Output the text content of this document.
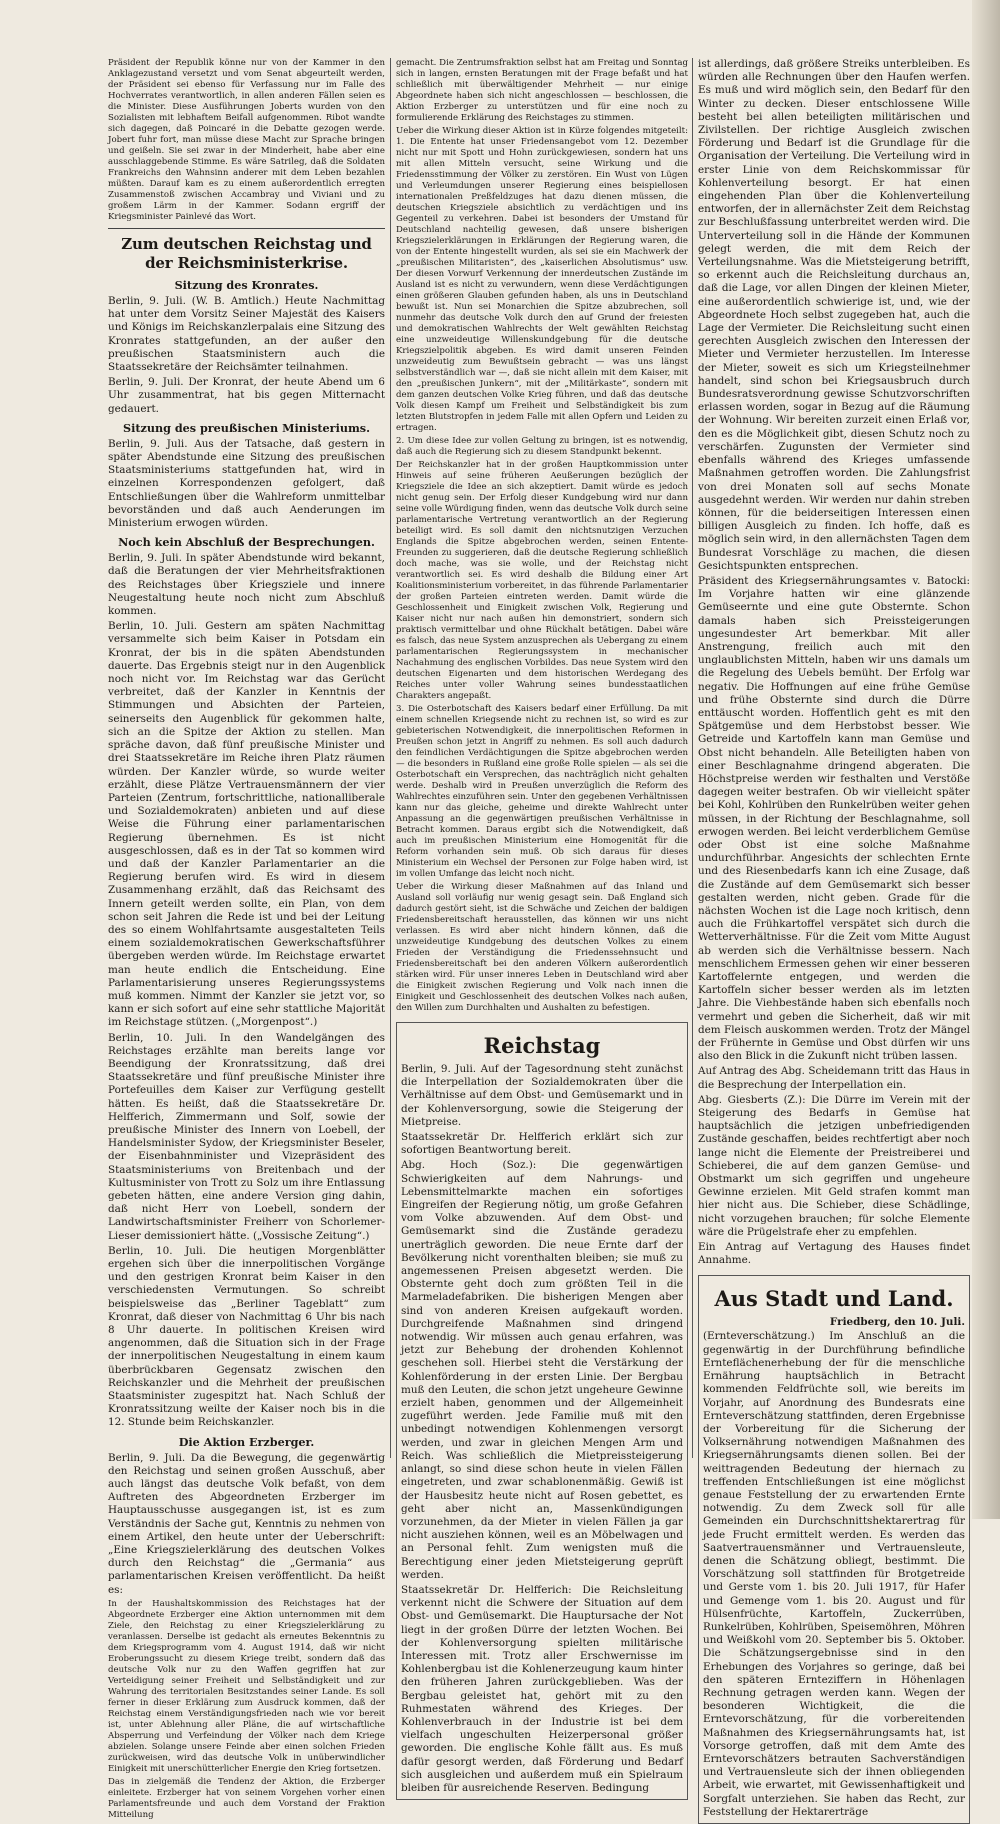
Präsident der Republik könne nur von der Kammer in den Anklagezustand versetzt und vom Senat abgeurteilt werden, der Präsident sei ebenso für Verfassung nur im Falle des Hochverrates verantwortlich, in allen anderen Fällen seien es die Minister. Diese Ausführungen Joberts wurden von den Sozialisten mit lebhaftem Beifall aufgenommen. Ribot wandte sich dagegen, daß Poincaré in die Debatte gezogen werde. Jobert fuhr fort, man müsse diese Macht zur Sprache bringen und geißeln. Sie sei zwar in der Minderheit, habe aber eine ausschlaggebende Stimme. Es wäre Satrileg, daß die Soldaten Frankreichs den Wahnsinn anderer mit dem Leben bezahlen müßten. Darauf kam es zu einem außerordentlich erregten Zusammenstoß zwischen Accambray und Viviani und zu großem Lärm in der Kammer. Sodann ergriff der Kriegsminister Painlevé das Wort.

Zum deutschen Reichstag und der Reichsministerkrise.
Sitzung des Kronrates.

Berlin, 9. Juli. (W. B. Amtlich.) Heute Nachmittag hat unter dem Vorsitz Seiner Majestät des Kaisers und Königs im Reichskanzlerpalais eine Sitzung des Kronrates stattgefunden, an der außer den preußischen Staatsministern auch die Staatssekretäre der Reichsämter teilnahmen.

Berlin, 9. Juli. Der Kronrat, der heute Abend um 6 Uhr zusammentrat, hat bis gegen Mitternacht gedauert.

Sitzung des preußischen Ministeriums.

Berlin, 9. Juli. Aus der Tatsache, daß gestern in später Abendstunde eine Sitzung des preußischen Staatsministeriums stattgefunden hat, wird in einzelnen Korrespondenzen gefolgert, daß Entschließungen über die Wahlreform unmittelbar bevorständen und daß auch Aenderungen im Ministerium erwogen würden.

Noch kein Abschluß der Besprechungen.

Berlin, 9. Juli. In später Abendstunde wird bekannt, daß die Beratungen der vier Mehrheitsfraktionen des Reichstages über Kriegsziele und innere Neugestaltung heute noch nicht zum Abschluß kommen.

Berlin, 10. Juli. Gestern am späten Nachmittag versammelte sich beim Kaiser in Potsdam ein Kronrat, der bis in die späten Abendstunden dauerte. Das Ergebnis steigt nur in den Augenblick noch nicht vor. Im Reichstag war das Gerücht verbreitet, daß der Kanzler in Kenntnis der Stimmungen und Absichten der Parteien, seinerseits den Augenblick für gekommen halte, sich an die Spitze der Aktion zu stellen. Man spräche davon, daß fünf preußische Minister und drei Staatssekretäre im Reiche ihren Platz räumen würden. Der Kanzler würde, so wurde weiter erzählt, diese Plätze Vertrauensmännern der vier Parteien (Zentrum, fortschrittliche, nationalliberale und Sozialdemokraten) anbieten und auf diese Weise die Führung einer parlamentarischen Regierung übernehmen. Es ist nicht ausgeschlossen, daß es in der Tat so kommen wird und daß der Kanzler Parlamentarier an die Regierung berufen wird. Es wird in diesem Zusammenhang erzählt, daß das Reichsamt des Innern geteilt werden sollte, ein Plan, von dem schon seit Jahren die Rede ist und bei der Leitung des so einem Wohlfahrtsamte ausgestalteten Teils einem sozialdemokratischen Gewerkschaftsführer übergeben werden würde. Im Reichstage erwartet man heute endlich die Entscheidung. Eine Parlamentarisierung unseres Regierungssystems muß kommen. Nimmt der Kanzler sie jetzt vor, so kann er sich sofort auf eine sehr stattliche Majorität im Reichstage stützen. („Morgenpost“.)

Berlin, 10. Juli. In den Wandelgängen des Reichstages erzählte man bereits lange vor Beendigung der Kronratssitzung, daß drei Staatssekretäre und fünf preußische Minister ihre Portefeuilles dem Kaiser zur Verfügung gestellt hätten. Es heißt, daß die Staatssekretäre Dr. Helfferich, Zimmermann und Solf, sowie der preußische Minister des Innern von Loebell, der Handelsminister Sydow, der Kriegsminister Beseler, der Eisenbahnminister und Vizepräsident des Staatsministeriums von Breitenbach und der Kultusminister von Trott zu Solz um ihre Entlassung gebeten hätten, eine andere Version ging dahin, daß nicht Herr von Loebell, sondern der Landwirtschaftsminister Freiherr von Schorlemer-Lieser demissioniert hätte. („Vossische Zeitung“.)

Berlin, 10. Juli. Die heutigen Morgenblätter ergehen sich über die innerpolitischen Vorgänge und den gestrigen Kronrat beim Kaiser in den verschiedensten Vermutungen. So schreibt beispielsweise das „Berliner Tageblatt“ zum Kronrat, daß dieser von Nachmittag 6 Uhr bis nach 8 Uhr dauerte. In politischen Kreisen wird angenommen, daß die Situation sich in der Frage der innerpolitischen Neugestaltung in einem kaum überbrückbaren Gegensatz zwischen den Reichskanzler und die Mehrheit der preußischen Staatsminister zugespitzt hat. Nach Schluß der Kronratssitzung weilte der Kaiser noch bis in die 12. Stunde beim Reichskanzler.

Die Aktion Erzberger.

Berlin, 9. Juli. Da die Bewegung, die gegenwärtig den Reichstag und seinen großen Ausschuß, aber auch längst das deutsche Volk befaßt, von dem Auftreten des Abgeordneten Erzberger im Hauptausschusse ausgegangen ist, ist es zum Verständnis der Sache gut, Kenntnis zu nehmen von einem Artikel, den heute unter der Ueberschrift: „Eine Kriegszielerklärung des deutschen Volkes durch den Reichstag“ die „Germania“ aus parlamentarischen Kreisen veröffentlicht. Da heißt es:

In der Haushaltskommission des Reichstages hat der Abgeordnete Erzberger eine Aktion unternommen mit dem Ziele, den Reichstag zu einer Kriegszielerklärung zu veranlassen. Derselbe ist gedacht als erneutes Bekenntnis zu dem Kriegsprogramm vom 4. August 1914, daß wir nicht Eroberungssucht zu diesem Kriege treibt, sondern daß das deutsche Volk nur zu den Waffen gegriffen hat zur Verteidigung seiner Freiheit und Selbständigkeit und zur Wahrung des territorialen Besitzstandes seiner Lande. Es soll ferner in dieser Erklärung zum Ausdruck kommen, daß der Reichstag einem Verständigungsfrieden nach wie vor bereit ist, unter Ablehnung aller Pläne, die auf wirtschaftliche Absperrung und Verfeindung der Völker nach dem Kriege abzielen. Solange unsere Feinde aber einen solchen Frieden zurückweisen, wird das deutsche Volk in unüberwindlicher Einigkeit mit unerschütterlicher Energie den Krieg fortsetzen.

Das in zielgemäß die Tendenz der Aktion, die Erzberger einleitete. Erzberger hat von seinem Vorgehen vorher einen Parlamentsfreunde und auch dem Vorstand der Fraktion Mitteilung

gemacht. Die Zentrumsfraktion selbst hat am Freitag und Sonntag sich in langen, ernsten Beratungen mit der Frage befaßt und hat schließlich mit überwältigender Mehrheit — nur einige Abgeordnete haben sich nicht angeschlossen — beschlossen, die Aktion Erzberger zu unterstützen und für eine noch zu formulierende Erklärung des Reichstages zu stimmen.

Ueber die Wirkung dieser Aktion ist in Kürze folgendes mitgeteilt: 1. Die Entente hat unser Friedensangebot vom 12. Dezember nicht nur mit Spott und Hohn zurückgewiesen, sondern hat uns mit allen Mitteln versucht, seine Wirkung und die Friedensstimmung der Völker zu zerstören. Ein Wust von Lügen und Verleumdungen unserer Regierung eines beispiellosen internationalen Preßfeldzuges hat dazu dienen müssen, die deutschen Kriegsziele absichtlich zu verdächtigen und ins Gegenteil zu verkehren. Dabei ist besonders der Umstand für Deutschland nachteilig gewesen, daß unsere bisherigen Kriegszielerklärungen in Erklärungen der Regierung waren, die von der Entente hingestellt wurden, als sei sie ein Machwerk der „preußischen Militaristen“, des „kaiserlichen Absolutismus“ usw. Der diesen Vorwurf Verkennung der innerdeutschen Zustände im Ausland ist es nicht zu verwundern, wenn diese Verdächtigungen einen größeren Glauben gefunden haben, als uns in Deutschland bewußt ist. Nun sei Monarchien die Spitze abzubrechen, soll nunmehr das deutsche Volk durch den auf Grund der freiesten und demokratischen Wahlrechts der Welt gewählten Reichstag eine unzweideutige Willenskundgebung für die deutsche Kriegszielpolitik abgeben. Es wird damit unseren Feinden unzweideutig zum Bewußtsein gebracht — was uns längst selbstverständlich war —, daß sie nicht allein mit dem Kaiser, mit den „preußischen Junkern“, mit der „Militärkaste“, sondern mit dem ganzen deutschen Volke Krieg führen, und daß das deutsche Volk diesen Kampf um Freiheit und Selbständigkeit bis zum letzten Blutstropfen in jedem Falle mit allen Opfern und Leiden zu ertragen.

2. Um diese Idee zur vollen Geltung zu bringen, ist es notwendig, daß auch die Regierung sich zu diesem Standpunkt bekennt.

Der Reichskanzler hat in der großen Hauptkommission unter Hinweis auf seine früheren Aeußerungen bezüglich der Kriegsziele die Idee an sich akzeptiert. Damit würde es jedoch nicht genug sein. Der Erfolg dieser Kundgebung wird nur dann seine volle Würdigung finden, wenn das deutsche Volk durch seine parlamentarische Vertretung verantwortlich an der Regierung beteiligt wird. Es soll damit den nichtsnutzigen Verzuchen Englands die Spitze abgebrochen werden, seinen Entente-Freunden zu suggerieren, daß die deutsche Regierung schließlich doch mache, was sie wolle, und der Reichstag nicht verantwortlich sei. Es wird deshalb die Bildung einer Art Koalitionsministerium vorbereitet, in das führende Parlamentarier der großen Parteien eintreten werden. Damit würde die Geschlossenheit und Einigkeit zwischen Volk, Regierung und Kaiser nicht nur nach außen hin demonstriert, sondern sich praktisch vermittelbar und ohne Rückhalt betätigen. Dabei wäre es falsch, das neue System anzusprechen als Uebergang zu einem parlamentarischen Regierungssystem in mechanischer Nachahmung des englischen Vorbildes. Das neue System wird den deutschen Eigenarten und dem historischen Werdegang des Reiches unter voller Wahrung seines bundesstaatlichen Charakters angepaßt.

3. Die Osterbotschaft des Kaisers bedarf einer Erfüllung. Da mit einem schnellen Kriegsende nicht zu rechnen ist, so wird es zur gebieterischen Notwendigkeit, die innerpolitischen Reformen in Preußen schon jetzt in Angriff zu nehmen. Es soll auch dadurch den feindlichen Verdächtigungen die Spitze abgebrochen werden — die besonders in Rußland eine große Rolle spielen — als sei die Osterbotschaft ein Versprechen, das nachträglich nicht gehalten werde. Deshalb wird in Preußen unverzüglich die Reform des Wahlrechtes einzuführen sein. Unter den gegebenen Verhältnissen kann nur das gleiche, geheime und direkte Wahlrecht unter Anpassung an die gegenwärtigen preußischen Verhältnisse in Betracht kommen. Daraus ergibt sich die Notwendigkeit, daß auch im preußischen Ministerium eine Homogenität für die Reform vorhanden sein muß. Ob sich daraus für dieses Ministerium ein Wechsel der Personen zur Folge haben wird, ist im vollen Umfange das leicht noch nicht.

Ueber die Wirkung dieser Maßnahmen auf das Inland und Ausland soll vorläufig nur wenig gesagt sein. Daß England sich dadurch gestört sieht, ist die Schwäche und Zeichen der baldigen Friedensbereitschaft herausstellen, das können wir uns nicht verlassen. Es wird aber nicht hindern können, daß die unzweideutige Kundgebung des deutschen Volkes zu einem Frieden der Verständigung die Friedenssehnsucht und Friedensbereitschaft bei den anderen Völkern außerordentlich stärken wird. Für unser inneres Leben in Deutschland wird aber die Einigkeit zwischen Regierung und Volk nach innen die Einigkeit und Geschlossenheit des deutschen Volkes nach außen, den Willen zum Durchhalten und Aushalten zu befestigen.

Reichstag

Berlin, 9. Juli. Auf der Tagesordnung steht zunächst die Interpellation der Sozialdemokraten über die Verhältnisse auf dem Obst- und Gemüsemarkt und in der Kohlenversorgung, sowie die Steigerung der Mietpreise.

Staatssekretär Dr. Helfferich erklärt sich zur sofortigen Beantwortung bereit.

Abg. Hoch (Soz.): Die gegenwärtigen Schwierigkeiten auf dem Nahrungs- und Lebensmittelmarkte machen ein sofortiges Eingreifen der Regierung nötig, um große Gefahren vom Volke abzuwenden. Auf dem Obst- und Gemüsemarkt sind die Zustände geradezu unerträglich geworden. Die neue Ernte darf der Bevölkerung nicht vorenthalten bleiben; sie muß zu angemessenen Preisen abgesetzt werden. Die Obsternte geht doch zum größten Teil in die Marmeladefabriken. Die bisherigen Mengen aber sind von anderen Kreisen aufgekauft worden. Durchgreifende Maßnahmen sind dringend notwendig. Wir müssen auch genau erfahren, was jetzt zur Behebung der drohenden Kohlennot geschehen soll. Hierbei steht die Verstärkung der Kohlenförderung in der ersten Linie. Der Bergbau muß den Leuten, die schon jetzt ungeheure Gewinne erzielt haben, genommen und der Allgemeinheit zugeführt werden. Jede Familie muß mit den unbedingt notwendigen Kohlenmengen versorgt werden, und zwar in gleichen Mengen Arm und Reich. Was schließlich die Mietpreissteigerung anlangt, so sind diese schon heute in vielen Fällen eingetreten, und zwar schablonenmäßig. Gewiß ist der Hausbesitz heute nicht auf Rosen gebettet, es geht aber nicht an, Massenkündigungen vorzunehmen, da der Mieter in vielen Fällen ja gar nicht ausziehen können, weil es an Möbelwagen und an Personal fehlt. Zum wenigsten muß die Berechtigung einer jeden Mietsteigerung geprüft werden.

Staatssekretär Dr. Helfferich: Die Reichsleitung verkennt nicht die Schwere der Situation auf dem Obst- und Gemüsemarkt. Die Hauptursache der Not liegt in der großen Dürre der letzten Wochen. Bei der Kohlenversorgung spielten militärische Interessen mit. Trotz aller Erschwernisse im Kohlenbergbau ist die Kohlenerzeugung kaum hinter den früheren Jahren zurückgeblieben. Was der Bergbau geleistet hat, gehört mit zu den Ruhmestaten während des Krieges. Der Kohlenverbrauch in der Industrie ist bei dem vielfach ungeschulten Heizerpersonal größer geworden. Die englische Kohle fällt aus. Es muß dafür gesorgt werden, daß Förderung und Bedarf sich ausgleichen und außerdem muß ein Spielraum bleiben für ausreichende Reserven. Bedingung

ist allerdings, daß größere Streiks unterbleiben. Es würden alle Rechnungen über den Haufen werfen. Es muß und wird möglich sein, den Bedarf für den Winter zu decken. Dieser entschlossene Wille besteht bei allen beteiligten militärischen und Zivilstellen. Der richtige Ausgleich zwischen Förderung und Bedarf ist die Grundlage für die Organisation der Verteilung. Die Verteilung wird in erster Linie von dem Reichskommissar für Kohlenverteilung besorgt. Er hat einen eingehenden Plan über die Kohlenverteilung entworfen, der in allernächster Zeit dem Reichstag zur Beschlußfassung unterbreitet werden wird. Die Unterverteilung soll in die Hände der Kommunen gelegt werden, die mit dem Reich der Verteilungsnahme. Was die Mietsteigerung betrifft, so erkennt auch die Reichsleitung durchaus an, daß die Lage, vor allen Dingen der kleinen Mieter, eine außerordentlich schwierige ist, und, wie der Abgeordnete Hoch selbst zugegeben hat, auch die Lage der Vermieter. Die Reichsleitung sucht einen gerechten Ausgleich zwischen den Interessen der Mieter und Vermieter herzustellen. Im Interesse der Mieter, soweit es sich um Kriegsteilnehmer handelt, sind schon bei Kriegsausbruch durch Bundesratsverordnung gewisse Schutzvorschriften erlassen worden, sogar in Bezug auf die Räumung der Wohnung. Wir bereiten zurzeit einen Erlaß vor, den es die Möglichkeit gibt, diesen Schutz noch zu verschärfen. Zugunsten der Vermieter sind ebenfalls während des Krieges umfassende Maßnahmen getroffen worden. Die Zahlungsfrist von drei Monaten soll auf sechs Monate ausgedehnt werden. Wir werden nur dahin streben können, für die beiderseitigen Interessen einen billigen Ausgleich zu finden. Ich hoffe, daß es möglich sein wird, in den allernächsten Tagen dem Bundesrat Vorschläge zu machen, die diesen Gesichtspunkten entsprechen.

Präsident des Kriegsernährungsamtes v. Batocki: Im Vorjahre hatten wir eine glänzende Gemüseernte und eine gute Obsternte. Schon damals haben sich Preissteigerungen ungesundester Art bemerkbar. Mit aller Anstrengung, freilich auch mit den unglaublichsten Mitteln, haben wir uns damals um die Regelung des Uebels bemüht. Der Erfolg war negativ. Die Hoffnungen auf eine frühe Gemüse und frühe Obsternte sind durch die Dürre enttäuscht worden. Hoffentlich geht es mit den Spätgemüse und dem Herbstobst besser. Wie Getreide und Kartoffeln kann man Gemüse und Obst nicht behandeln. Alle Beteiligten haben von einer Beschlagnahme dringend abgeraten. Die Höchstpreise werden wir festhalten und Verstöße dagegen weiter bestrafen. Ob wir vielleicht später bei Kohl, Kohlrüben den Runkelrüben weiter gehen müssen, in der Richtung der Beschlagnahme, soll erwogen werden. Bei leicht verderblichem Gemüse oder Obst ist eine solche Maßnahme undurchführbar. Angesichts der schlechten Ernte und des Riesenbedarfs kann ich eine Zusage, daß die Zustände auf dem Gemüsemarkt sich besser gestalten werden, nicht geben. Grade für die nächsten Wochen ist die Lage noch kritisch, denn auch die Frühkartoffel verspätet sich durch die Wetterverhältnisse. Für die Zeit vom Mitte August ab werden sich die Verhältnisse bessern. Nach menschlichem Ermessen gehen wir einer besseren Kartoffelernte entgegen, und werden die Kartoffeln sicher besser werden als im letzten Jahre. Die Viehbestände haben sich ebenfalls noch vermehrt und geben die Sicherheit, daß wir mit dem Fleisch auskommen werden. Trotz der Mängel der Frühernte in Gemüse und Obst dürfen wir uns also den Blick in die Zukunft nicht trüben lassen.

Auf Antrag des Abg. Scheidemann tritt das Haus in die Besprechung der Interpellation ein.

Abg. Giesberts (Z.): Die Dürre im Verein mit der Steigerung des Bedarfs in Gemüse hat hauptsächlich die jetzigen unbefriedigenden Zustände geschaffen, beides rechtfertigt aber noch lange nicht die Elemente der Preistreiberei und Schieberei, die auf dem ganzen Gemüse- und Obstmarkt um sich gegriffen und ungeheure Gewinne erzielen. Mit Geld strafen kommt man hier nicht aus. Die Schieber, diese Schädlinge, nicht vorzugehen brauchen; für solche Elemente wäre die Prügelstrafe eher zu empfehlen.

Ein Antrag auf Vertagung des Hauses findet Annahme.

Aus Stadt und Land.
Friedberg, den 10. Juli.

(Ernteverschätzung.) Im Anschluß an die gegenwärtig in der Durchführung befindliche Ernteflächenerhebung der für die menschliche Ernährung hauptsächlich in Betracht kommenden Feldfrüchte soll, wie bereits im Vorjahr, auf Anordnung des Bundesrats eine Ernteverschätzung stattfinden, deren Ergebnisse der Vorbereitung für die Sicherung der Volksernährung notwendigen Maßnahmen des Kriegsernährungsamts dienen sollen. Bei der weittragenden Bedeutung der hiernach zu treffenden Entschließungen ist eine möglichst genaue Feststellung der zu erwartenden Ernte notwendig. Zu dem Zweck soll für alle Gemeinden ein Durchschnittshektarertrag für jede Frucht ermittelt werden. Es werden das Saatvertrauensmänner und Vertrauensleute, denen die Schätzung obliegt, bestimmt. Die Vorschätzung soll stattfinden für Brotgetreide und Gerste vom 1. bis 20. Juli 1917, für Hafer und Gemenge vom 1. bis 20. August und für Hülsenfrüchte, Kartoffeln, Zuckerrüben, Runkelrüben, Kohlrüben, Speisemöhren, Möhren und Weißkohl vom 20. September bis 5. Oktober. Die Schätzungsergebnisse sind in den Erhebungen des Vorjahres so geringe, daß bei den späteren Ernteziffern in Höhenlagen Rechnung getragen werden kann. Wegen der besonderen Wichtigkeit, die die Erntevorschätzung, für die vorbereitenden Maßnahmen des Kriegsernährungsamts hat, ist Vorsorge getroffen, daß mit dem Amte des Erntevorschätzers betrauten Sachverständigen und Vertrauensleute sich der ihnen obliegenden Arbeit, wie erwartet, mit Gewissenhaftigkeit und Sorgfalt unterziehen. Sie haben das Recht, zur Feststellung der Hektarerträge
